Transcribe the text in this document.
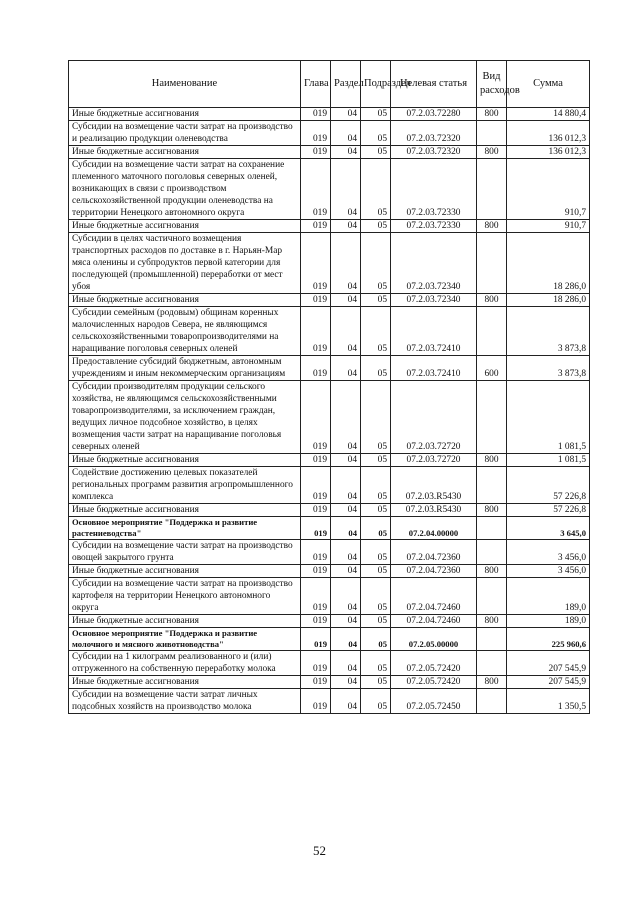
Наименование	Глава	Раздел	Подраздел	Целевая статья	Вид расходов	Сумма
Иные бюджетные ассигнования	019	04	05	07.2.03.72280	800	14 880,4
Субсидии на возмещение части затрат на производство и реализацию продукции оленеводства	019	04	05	07.2.03.72320		136 012,3
Иные бюджетные ассигнования	019	04	05	07.2.03.72320	800	136 012,3
Субсидии на возмещение части затрат на сохранение племенного маточного поголовья северных оленей, возникающих в связи с производством сельскохозяйственной продукции оленеводства на территории Ненецкого автономного округа	019	04	05	07.2.03.72330		910,7
Иные бюджетные ассигнования	019	04	05	07.2.03.72330	800	910,7
Субсидии в целях частичного возмещения транспортных расходов по доставке в г. Нарьян-Мар мяса оленины и субпродуктов первой категории для последующей (промышленной) переработки от мест убоя	019	04	05	07.2.03.72340		18 286,0
Иные бюджетные ассигнования	019	04	05	07.2.03.72340	800	18 286,0
Субсидии семейным (родовым) общинам коренных малочисленных народов Севера, не являющимся сельскохозяйственными товаропроизводителями на наращивание поголовья северных оленей	019	04	05	07.2.03.72410		3 873,8
Предоставление субсидий бюджетным, автономным учреждениям и иным некоммерческим организациям	019	04	05	07.2.03.72410	600	3 873,8
Субсидии производителям продукции сельского хозяйства, не являющимся сельскохозяйственными товаропроизводителями, за исключением граждан, ведущих личное подсобное хозяйство, в целях возмещения части затрат на наращивание поголовья северных оленей	019	04	05	07.2.03.72720		1 081,5
Иные бюджетные ассигнования	019	04	05	07.2.03.72720	800	1 081,5
Содействие достижению целевых показателей региональных программ развития агропромышленного комплекса	019	04	05	07.2.03.R5430		57 226,8
Иные бюджетные ассигнования	019	04	05	07.2.03.R5430	800	57 226,8
Основное мероприятие "Поддержка и развитие растениеводства"	019	04	05	07.2.04.00000		3 645,0
Субсидии на возмещение части затрат на производство овощей закрытого грунта	019	04	05	07.2.04.72360		3 456,0
Иные бюджетные ассигнования	019	04	05	07.2.04.72360	800	3 456,0
Субсидии на возмещение части затрат на производство картофеля на территории Ненецкого автономного округа	019	04	05	07.2.04.72460		189,0
Иные бюджетные ассигнования	019	04	05	07.2.04.72460	800	189,0
Основное мероприятие "Поддержка и развитие молочного и мясного животноводства"	019	04	05	07.2.05.00000		225 960,6
Субсидии на 1 килограмм реализованного и (или) отгруженного на собственную переработку молока	019	04	05	07.2.05.72420		207 545,9
Иные бюджетные ассигнования	019	04	05	07.2.05.72420	800	207 545,9
Субсидии на возмещение части затрат личных подсобных хозяйств на производство молока	019	04	05	07.2.05.72450		1 350,5
52
